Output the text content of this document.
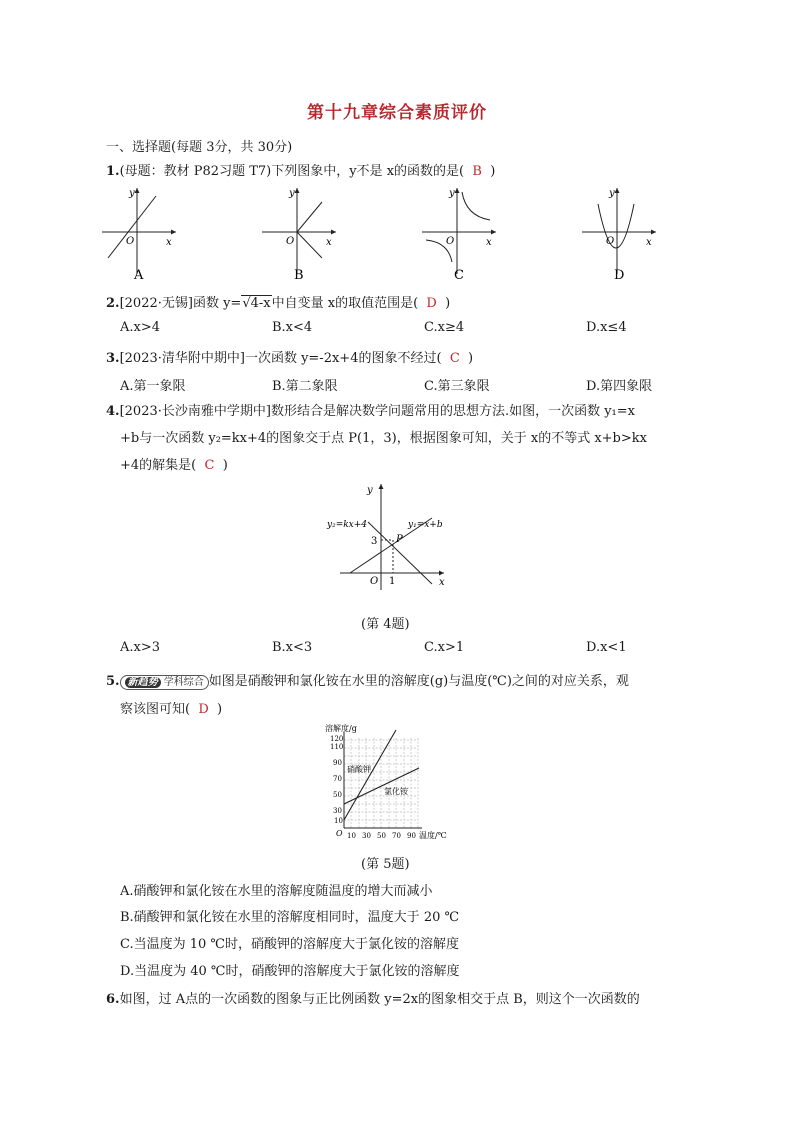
第十九章综合素质评价
一、选择题(每题 3分，共 30分)
1.(母题：教材 P82习题 T7)下列图象中，y不是 x的函数的是( B )
y
x
O
A
y
x
O
B
y
x
O
C
y
x
O
D
2.[2022·无锡]函数 y=√4-x中自变量 x的取值范围是( D )
A.x>4	B.x<4	C.x≥4	D.x≤4
3.[2023·清华附中期中]一次函数 y=-2x+4的图象不经过( C )
A.第一象限	B.第二象限	C.第三象限	D.第四象限
4.[2023·长沙南雅中学期中]数形结合是解决数学问题常用的思想方法.如图，一次函数 y₁=x
+b与一次函数 y₂=kx+4的图象交于点 P(1，3)，根据图象可知，关于 x的不等式 x+b>kx
+4的解集是( C )
y
x
O
y₂=kx+4	y₁=x+b
P
3
1
(第 4题)
A.x>3	B.x<3	C.x>1	D.x<1
5. 新趋势 学科综合 如图是硝酸钾和氯化铵在水里的溶解度(g)与温度(℃)之间的对应关系，观
察该图可知( D )
溶解度/g
温度/℃
O
120
110
90
70
50
30
10
10 30 50 70 90
硝酸钾
氯化铵
(第 5题)
A.硝酸钾和氯化铵在水里的溶解度随温度的增大而减小
B.硝酸钾和氯化铵在水里的溶解度相同时，温度大于 20 ℃
C.当温度为 10 ℃时，硝酸钾的溶解度大于氯化铵的溶解度
D.当温度为 40 ℃时，硝酸钾的溶解度大于氯化铵的溶解度
6.如图，过 A点的一次函数的图象与正比例函数 y=2x的图象相交于点 B，则这个一次函数的
